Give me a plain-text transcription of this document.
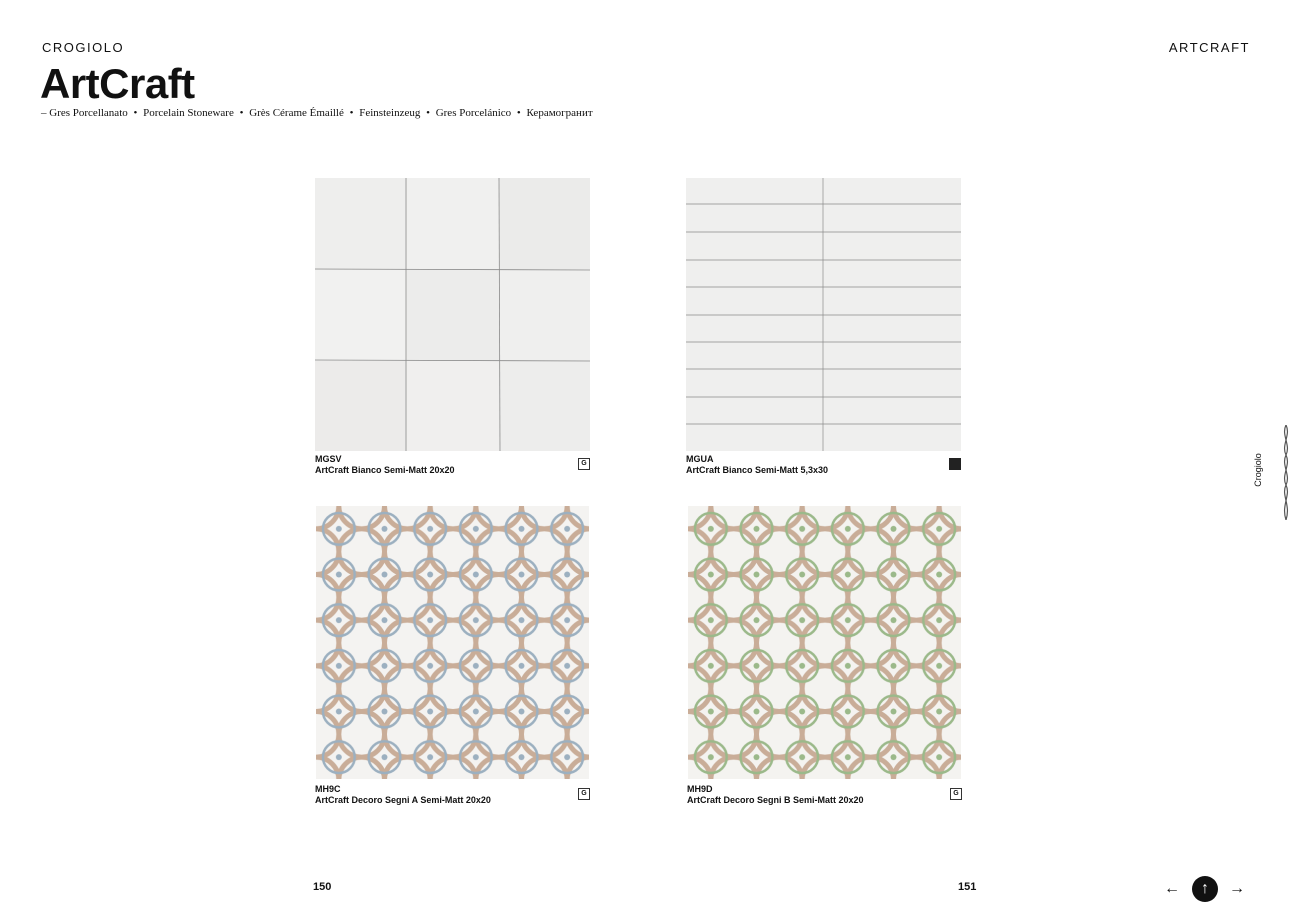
CROGIOLO	ARTCRAFT
ArtCraft
– Gres Porcellanato • Porcelain Stoneware • Grès Cérame Émaillé • Feinsteinzeug • Gres Porcelánico • Керамогранит
MGSV
ArtCraft Bianco Semi-Matt 20x20
G	MGUA
ArtCraft Bianco Semi-Matt 5,3x30
MH9C
ArtCraft Decoro Segni A Semi-Matt 20x20
G	MH9D
ArtCraft Decoro Segni B Semi-Matt 20x20
G
150	151	←	↑	→
Crogiolo
